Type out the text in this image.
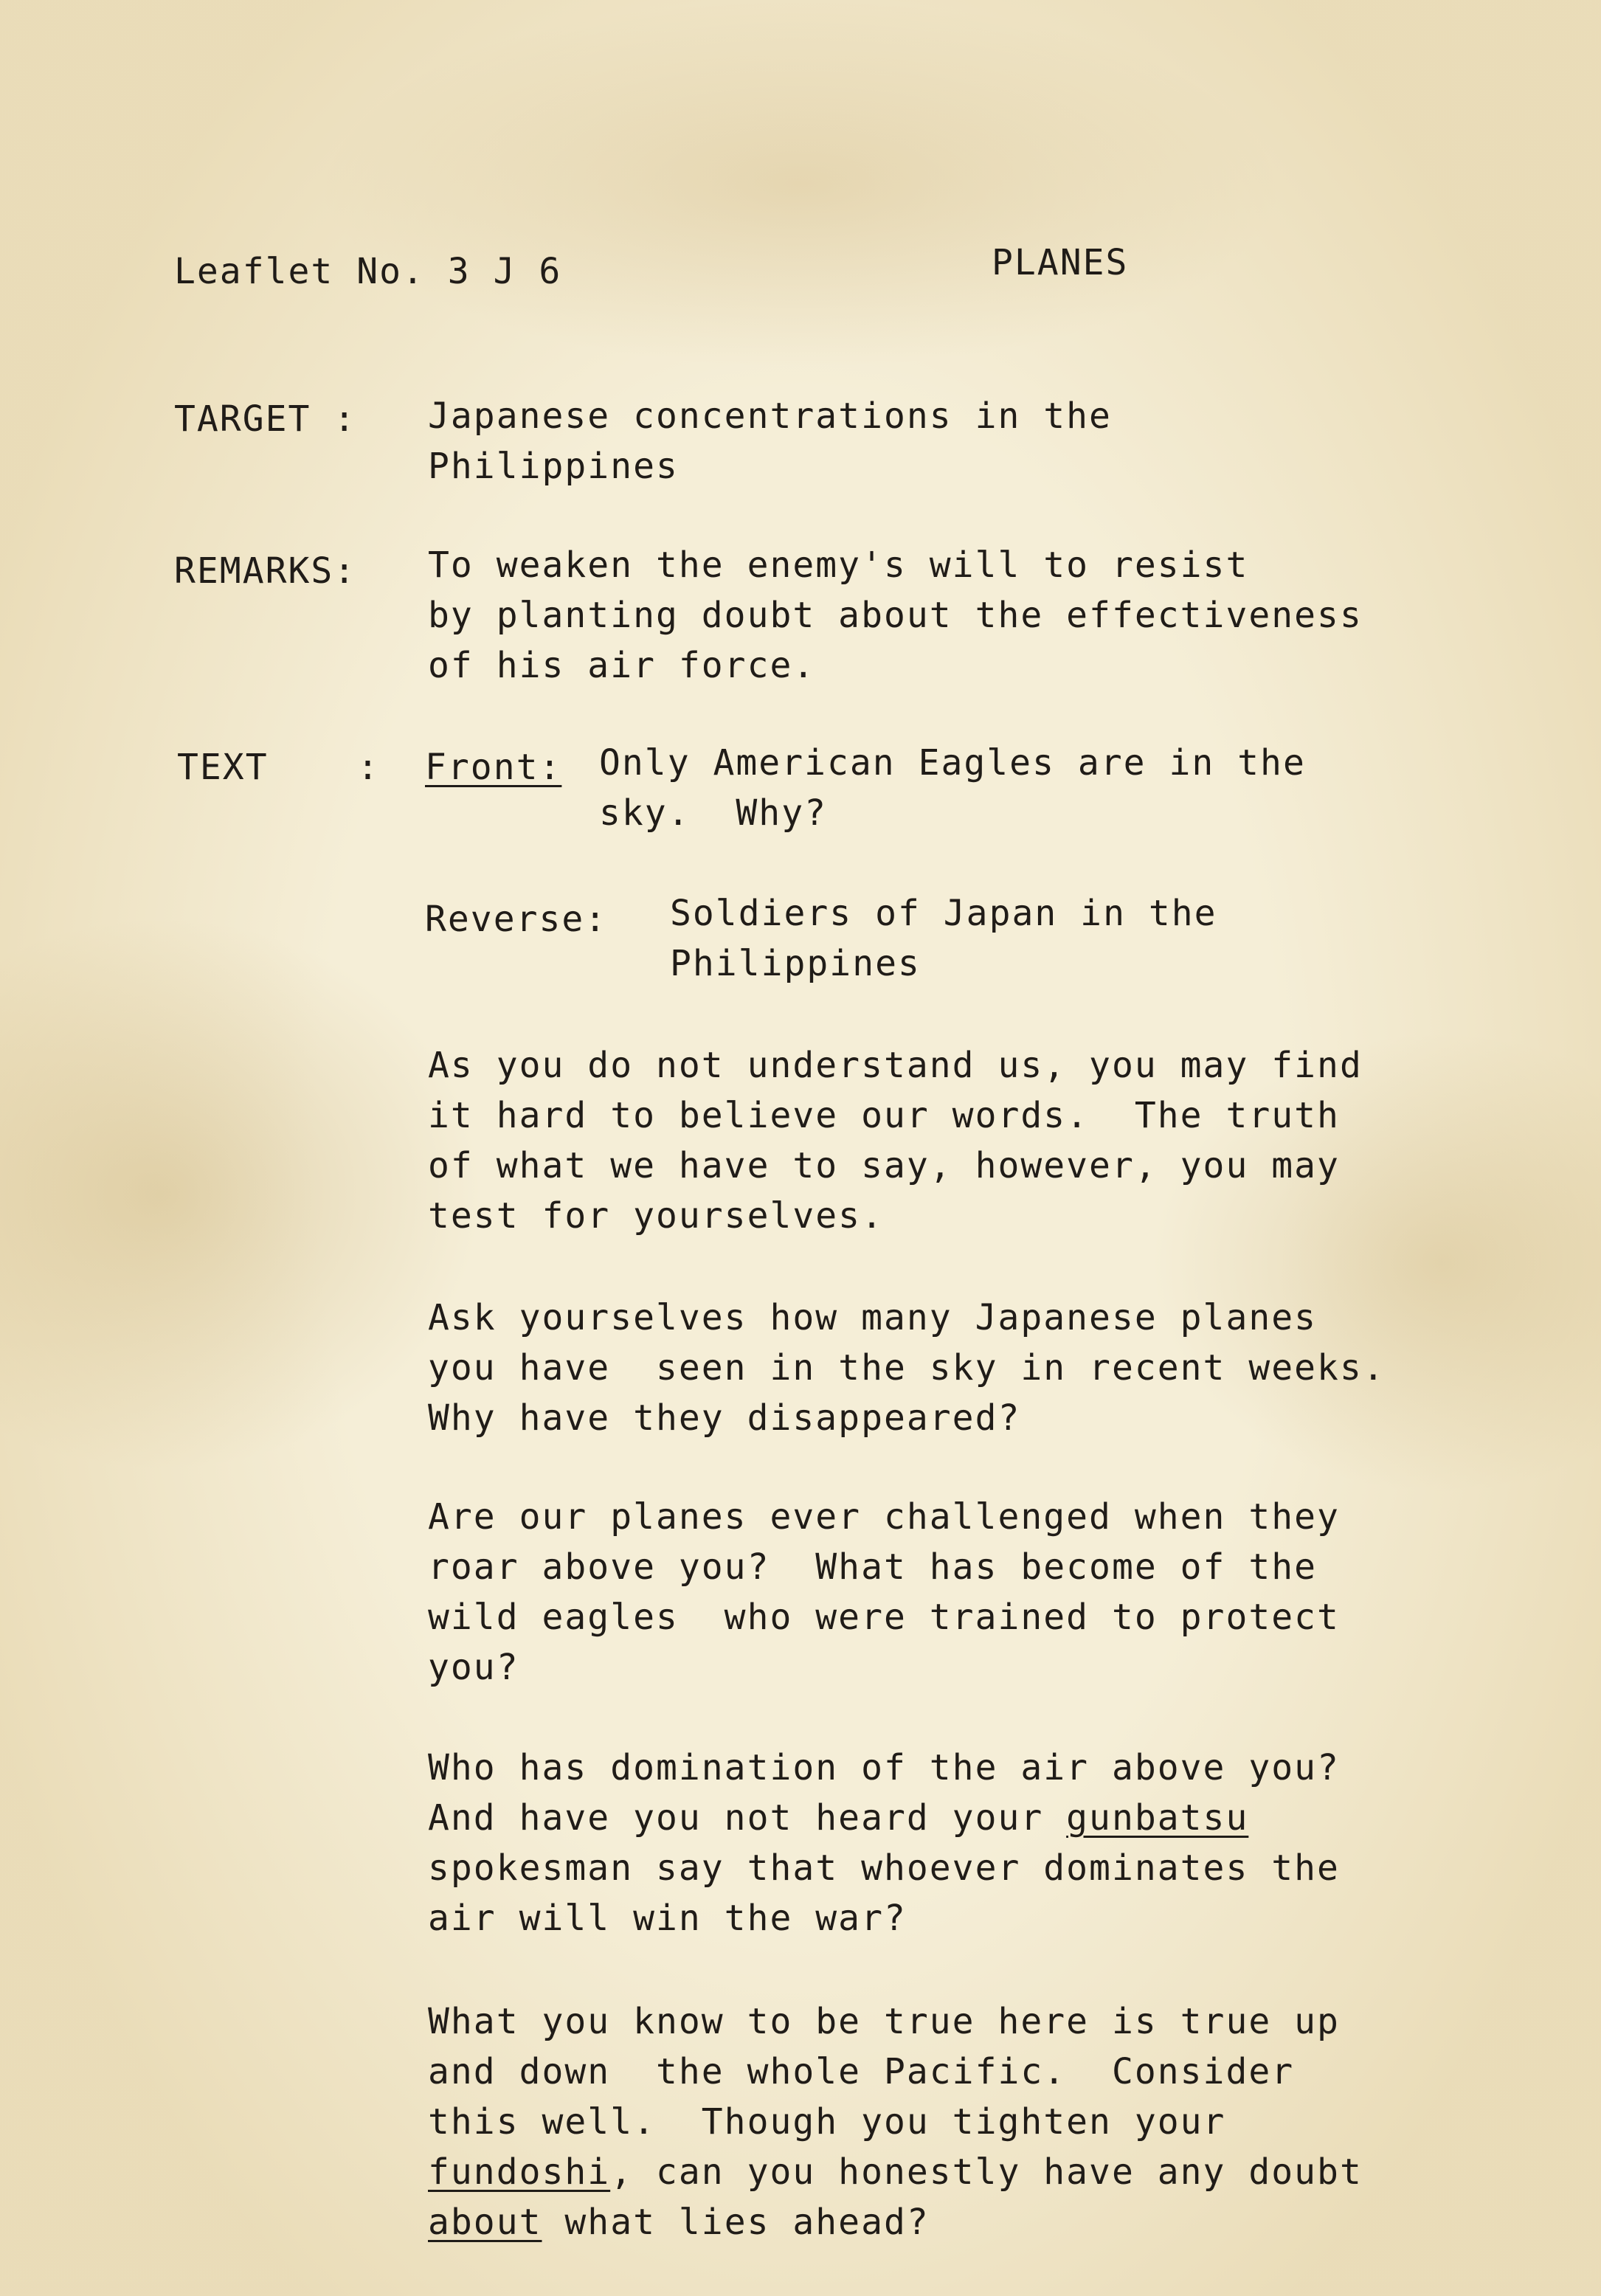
Leaflet No. 3 J 6	PLANES
TARGET : Japanese concentrations in the
Philippines
REMARKS: To weaken the enemy's will to resist
by planting doubt about the effectiveness
of his air force.
TEXT	: Front: Only American Eagles are in the
sky.  Why?
Reverse: Soldiers of Japan in the
Philippines
As you do not understand us, you may find
it hard to believe our words.  The truth
of what we have to say, however, you may
test for yourselves.
Ask yourselves how many Japanese planes
you have  seen in the sky in recent weeks.
Why have they disappeared?
Are our planes ever challenged when they
roar above you?  What has become of the
wild eagles  who were trained to protect
you?
Who has domination of the air above you?
And have you not heard your gunbatsu
spokesman say that whoever dominates the
air will win the war?
What you know to be true here is true up
and down  the whole Pacific.  Consider
this well.  Though you tighten your
fundoshi, can you honestly have any doubt
about what lies ahead?
